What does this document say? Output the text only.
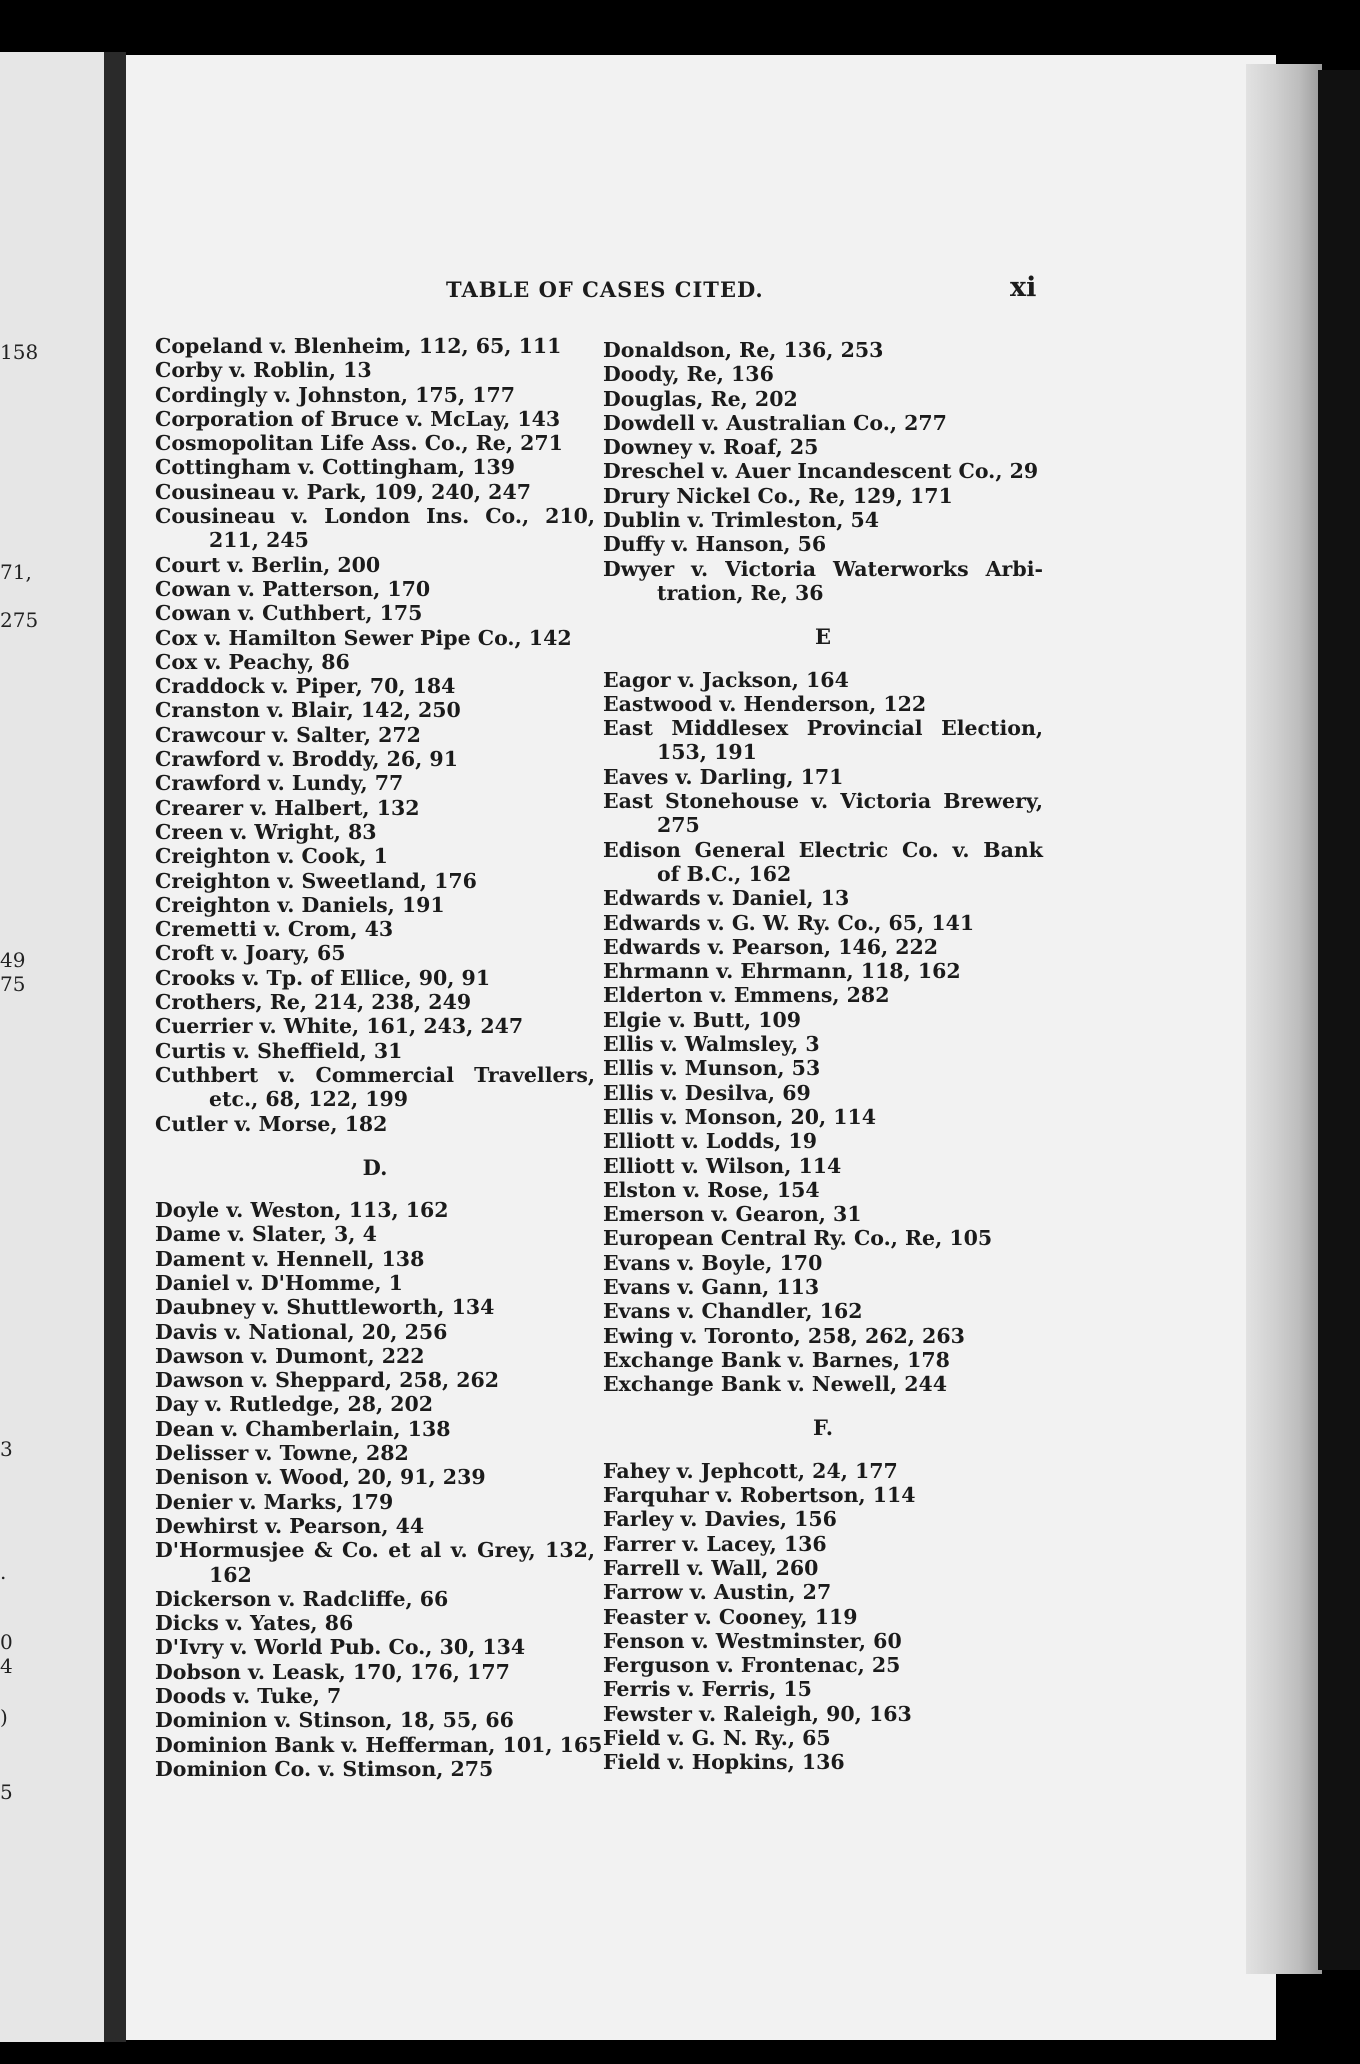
158
71,
275
49
75
3
.
0
4
)
5
TABLE OF CASES CITED.	xi
Copeland v. Blenheim, 112, 65, 111
Corby v. Roblin, 13
Cordingly v. Johnston, 175, 177
Corporation of Bruce v. McLay, 143
Cosmopolitan Life Ass. Co., Re, 271
Cottingham v. Cottingham, 139
Cousineau v. Park, 109, 240, 247
Cousineau v. London Ins. Co., 210,
211, 245
Court v. Berlin, 200
Cowan v. Patterson, 170
Cowan v. Cuthbert, 175
Cox v. Hamilton Sewer Pipe Co., 142
Cox v. Peachy, 86
Craddock v. Piper, 70, 184
Cranston v. Blair, 142, 250
Crawcour v. Salter, 272
Crawford v. Broddy, 26, 91
Crawford v. Lundy, 77
Crearer v. Halbert, 132
Creen v. Wright, 83
Creighton v. Cook, 1
Creighton v. Sweetland, 176
Creighton v. Daniels, 191
Cremetti v. Crom, 43
Croft v. Joary, 65
Crooks v. Tp. of Ellice, 90, 91
Crothers, Re, 214, 238, 249
Cuerrier v. White, 161, 243, 247
Curtis v. Sheffield, 31
Cuthbert v. Commercial Travellers,
etc., 68, 122, 199
Cutler v. Morse, 182
D.
Doyle v. Weston, 113, 162
Dame v. Slater, 3, 4
Dament v. Hennell, 138
Daniel v. D'Homme, 1
Daubney v. Shuttleworth, 134
Davis v. National, 20, 256
Dawson v. Dumont, 222
Dawson v. Sheppard, 258, 262
Day v. Rutledge, 28, 202
Dean v. Chamberlain, 138
Delisser v. Towne, 282
Denison v. Wood, 20, 91, 239
Denier v. Marks, 179
Dewhirst v. Pearson, 44
D'Hormusjee & Co. et al v. Grey, 132,
162
Dickerson v. Radcliffe, 66
Dicks v. Yates, 86
D'Ivry v. World Pub. Co., 30, 134
Dobson v. Leask, 170, 176, 177
Doods v. Tuke, 7
Dominion v. Stinson, 18, 55, 66
Dominion Bank v. Hefferman, 101, 165
Dominion Co. v. Stimson, 275
Donaldson, Re, 136, 253
Doody, Re, 136
Douglas, Re, 202
Dowdell v. Australian Co., 277
Downey v. Roaf, 25
Dreschel v. Auer Incandescent Co., 29
Drury Nickel Co., Re, 129, 171
Dublin v. Trimleston, 54
Duffy v. Hanson, 56
Dwyer v. Victoria Waterworks Arbi-
tration, Re, 36
E
Eagor v. Jackson, 164
Eastwood v. Henderson, 122
East Middlesex Provincial Election,
153, 191
Eaves v. Darling, 171
East Stonehouse v. Victoria Brewery,
275
Edison General Electric Co. v. Bank
of B.C., 162
Edwards v. Daniel, 13
Edwards v. G. W. Ry. Co., 65, 141
Edwards v. Pearson, 146, 222
Ehrmann v. Ehrmann, 118, 162
Elderton v. Emmens, 282
Elgie v. Butt, 109
Ellis v. Walmsley, 3
Ellis v. Munson, 53
Ellis v. Desilva, 69
Ellis v. Monson, 20, 114
Elliott v. Lodds, 19
Elliott v. Wilson, 114
Elston v. Rose, 154
Emerson v. Gearon, 31
European Central Ry. Co., Re, 105
Evans v. Boyle, 170
Evans v. Gann, 113
Evans v. Chandler, 162
Ewing v. Toronto, 258, 262, 263
Exchange Bank v. Barnes, 178
Exchange Bank v. Newell, 244
F.
Fahey v. Jephcott, 24, 177
Farquhar v. Robertson, 114
Farley v. Davies, 156
Farrer v. Lacey, 136
Farrell v. Wall, 260
Farrow v. Austin, 27
Feaster v. Cooney, 119
Fenson v. Westminster, 60
Ferguson v. Frontenac, 25
Ferris v. Ferris, 15
Fewster v. Raleigh, 90, 163
Field v. G. N. Ry., 65
Field v. Hopkins, 136
